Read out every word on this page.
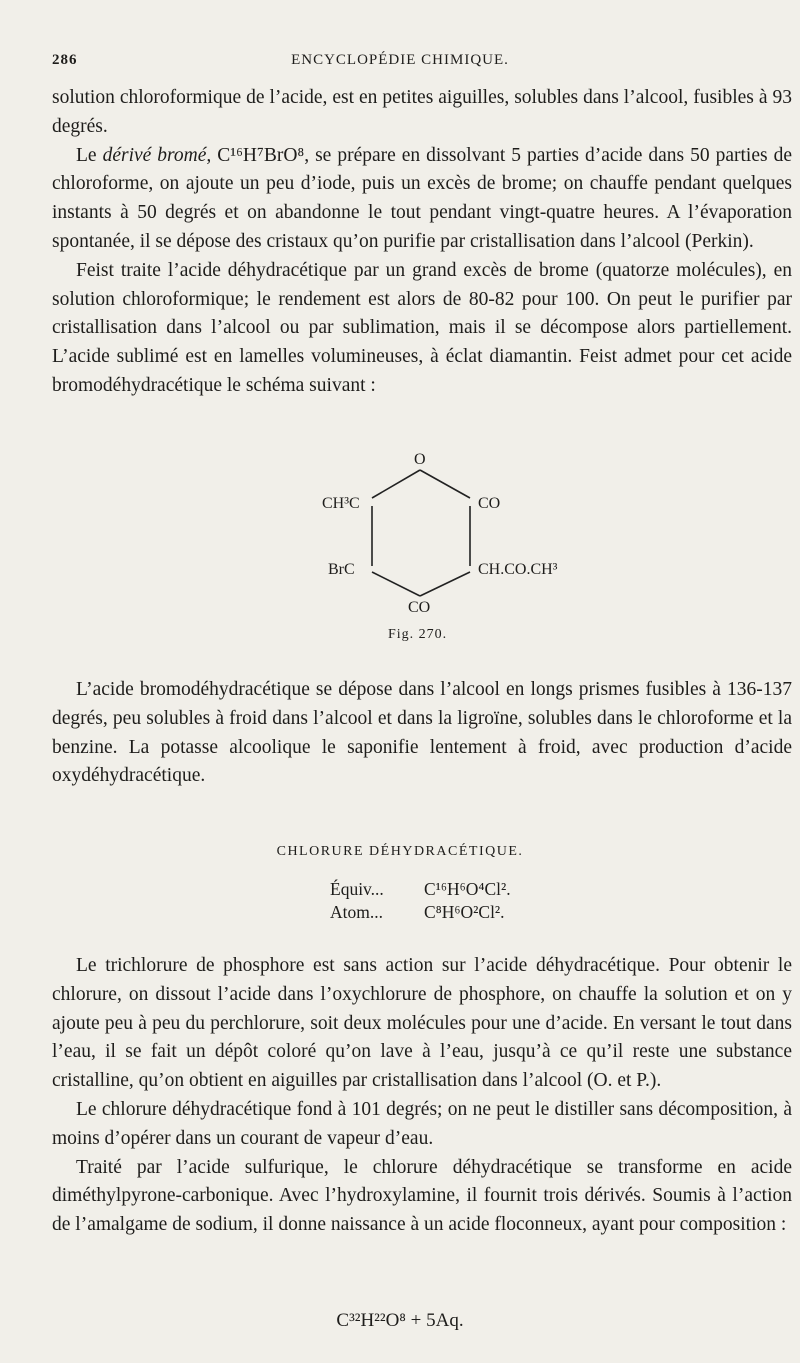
286	ENCYCLOPÉDIE CHIMIQUE.

solution chloroformique de l’acide, est en petites aiguilles, solubles dans l’alcool, fusibles à 93 degrés.

Le dérivé bromé, C¹⁶H⁷BrO⁸, se prépare en dissolvant 5 parties d’acide dans 50 parties de chloroforme, on ajoute un peu d’iode, puis un excès de brome; on chauffe pendant quelques instants à 50 degrés et on abandonne le tout pendant vingt-quatre heures. A l’évaporation spontanée, il se dépose des cristaux qu’on purifie par cristallisation dans l’alcool (Perkin).

Feist traite l’acide déhydracétique par un grand excès de brome (quatorze molécules), en solution chloroformique; le rendement est alors de 80-82 pour 100. On peut le purifier par cristallisation dans l’alcool ou par sublimation, mais il se décompose alors partiellement. L’acide sublimé est en lamelles volumineuses, à éclat diamantin. Feist admet pour cet acide bromodéhydracétique le schéma suivant :

O
CH³C	CO
BrC	CH.CO.CH³
CO
Fig. 270.

L’acide bromodéhydracétique se dépose dans l’alcool en longs prismes fusibles à 136-137 degrés, peu solubles à froid dans l’alcool et dans la ligroïne, solubles dans le chloroforme et la benzine. La potasse alcoolique le saponifie lentement à froid, avec production d’acide oxydéhydracétique.

CHLORURE DÉHYDRACÉTIQUE.
Équiv... C¹⁶H⁶O⁴Cl².
Atom... C⁸H⁶O²Cl².

Le trichlorure de phosphore est sans action sur l’acide déhydracétique. Pour obtenir le chlorure, on dissout l’acide dans l’oxychlorure de phosphore, on chauffe la solution et on y ajoute peu à peu du perchlorure, soit deux molécules pour une d’acide. En versant le tout dans l’eau, il se fait un dépôt coloré qu’on lave à l’eau, jusqu’à ce qu’il reste une substance cristalline, qu’on obtient en aiguilles par cristallisation dans l’alcool (O. et P.).

Le chlorure déhydracétique fond à 101 degrés; on ne peut le distiller sans décomposition, à moins d’opérer dans un courant de vapeur d’eau.

Traité par l’acide sulfurique, le chlorure déhydracétique se transforme en acide diméthylpyrone-carbonique. Avec l’hydroxylamine, il fournit trois dérivés. Soumis à l’action de l’amalgame de sodium, il donne naissance à un acide floconneux, ayant pour composition :

C³²H²²O⁸ + 5Aq.
